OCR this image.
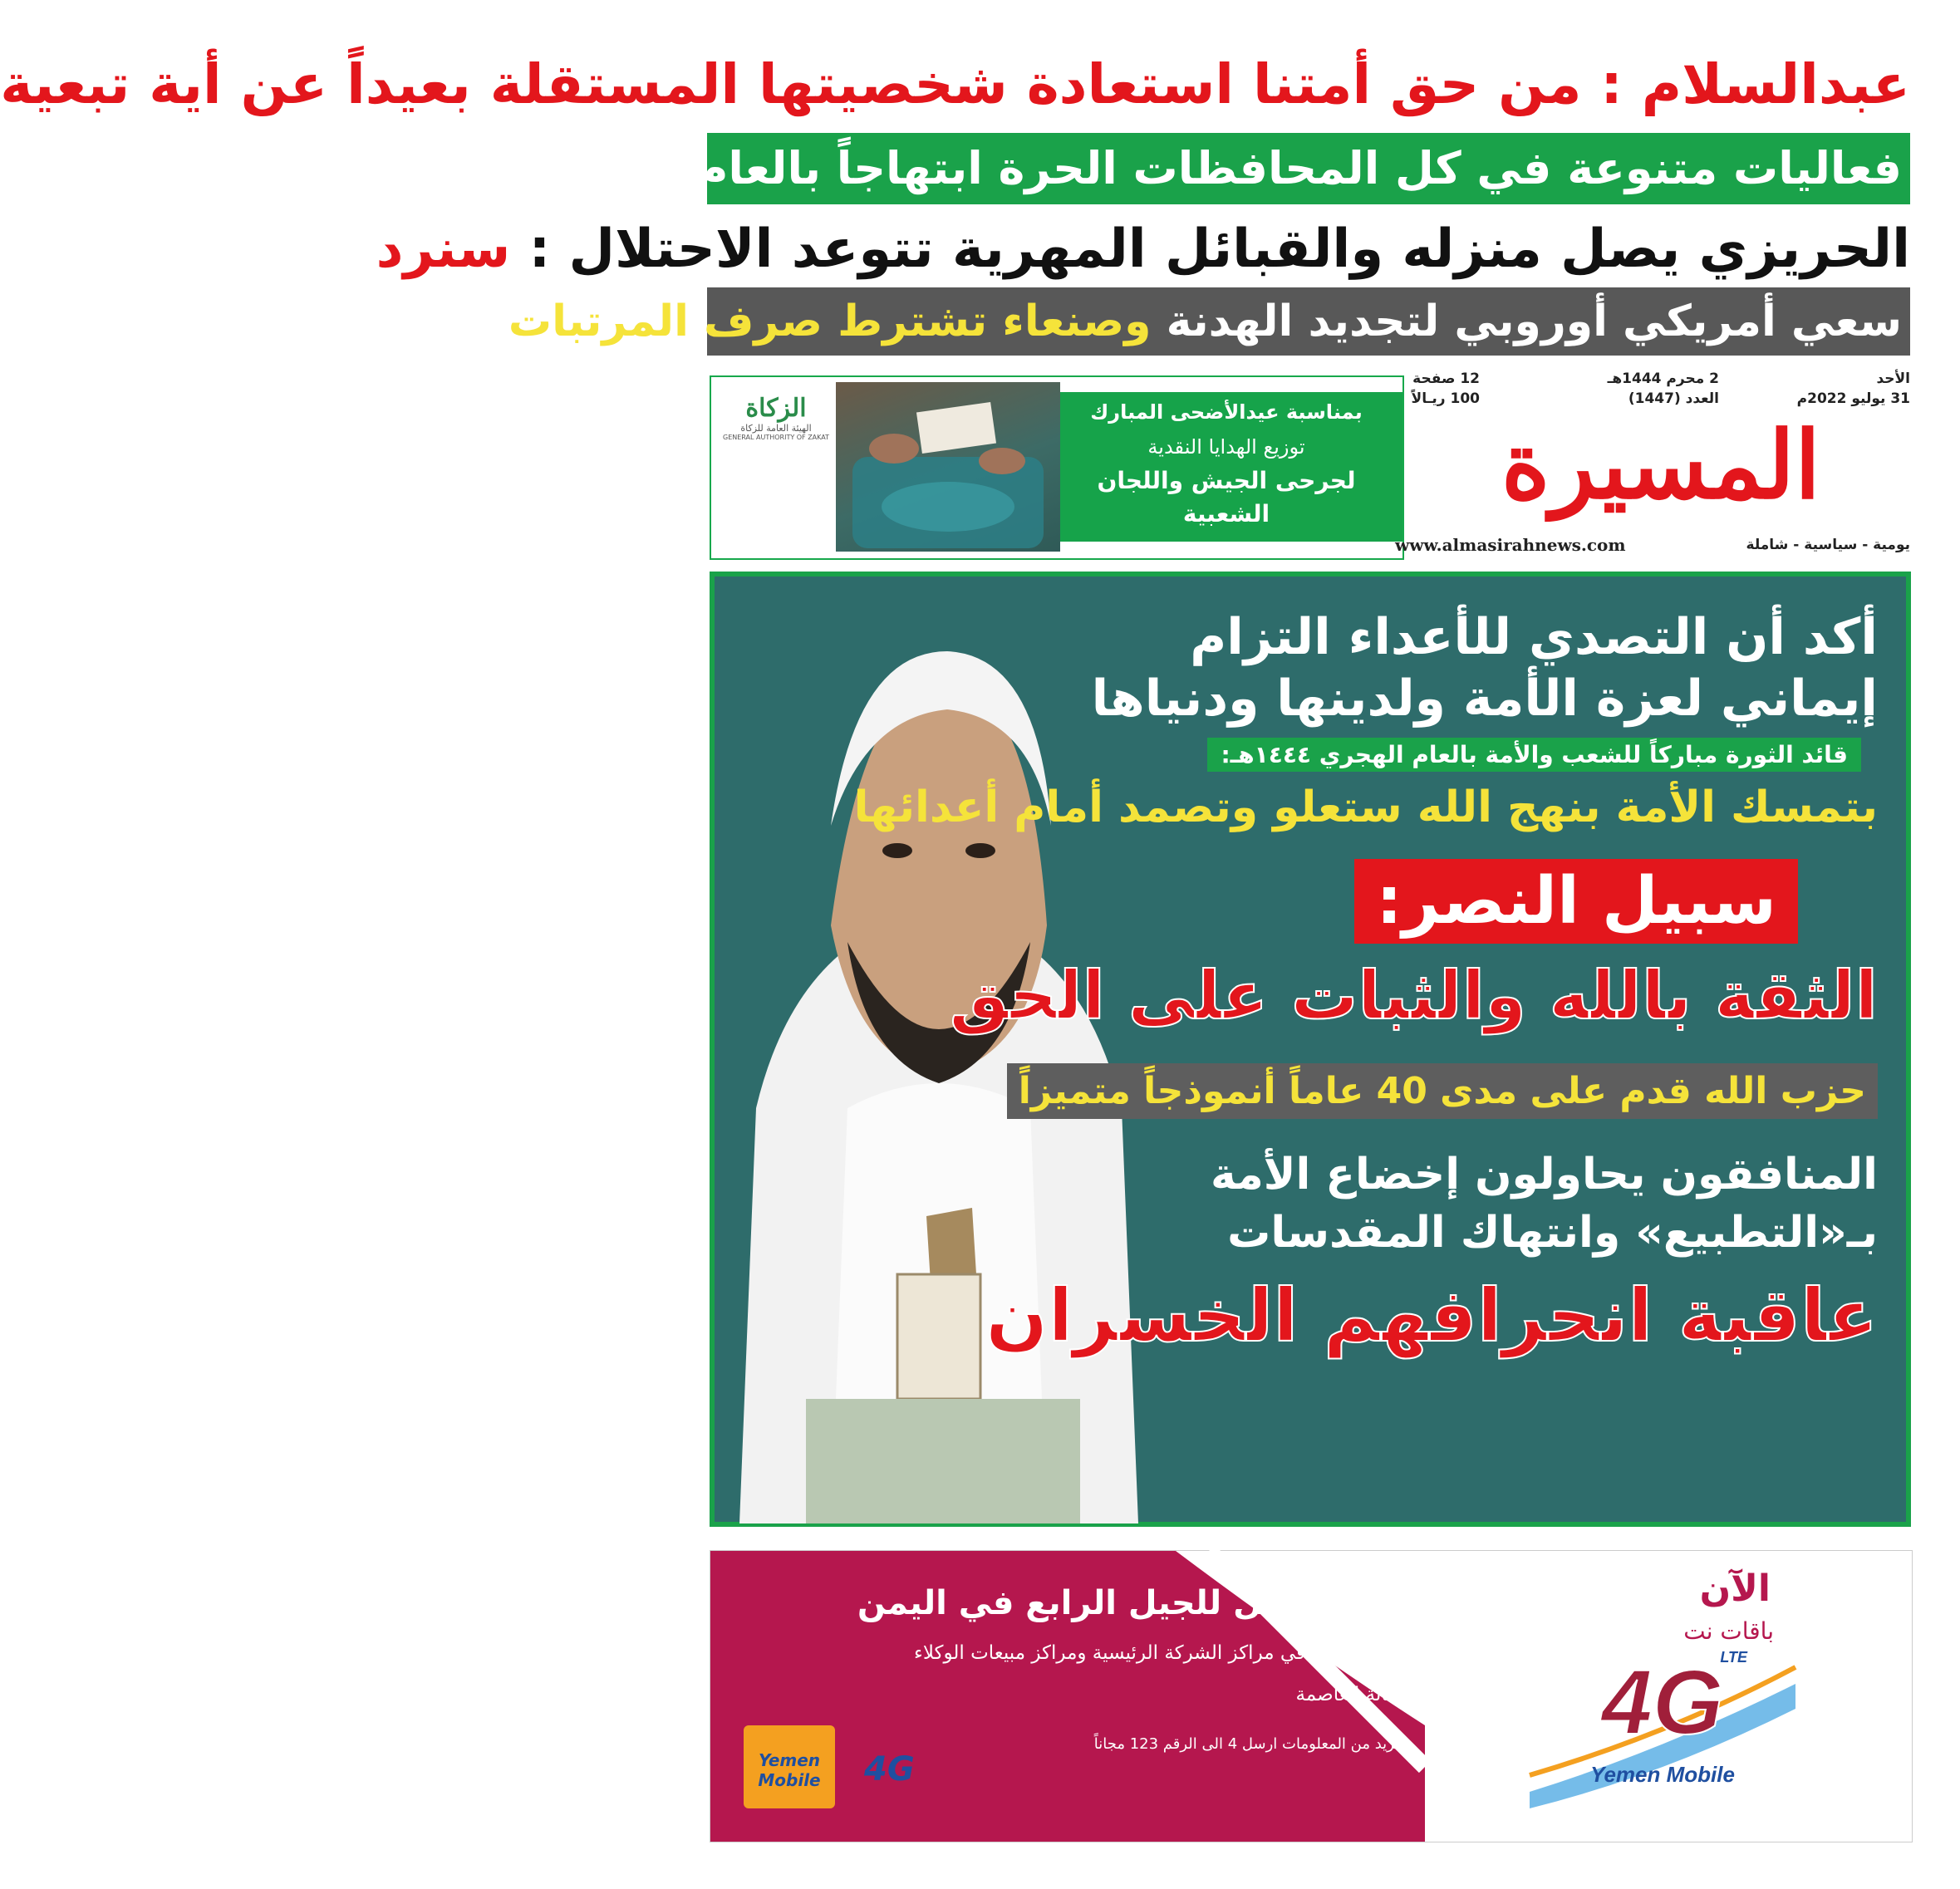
عبدالسلام : من حق أمتنا استعادة شخصيتها المستقلة بعيداً عن أية تبعية
فعاليات متنوعة في كل المحافظات الحرة ابتهاجاً بالعام الهجري ١٤٤٤
الحريزي يصل منزله والقبائل المهرية تتوعد الاحتلال : سنرد
سعي أمريكي أوروبي لتجديد الهدنة وصنعاء تشترط صرف المرتبات
الزكاة
الهيئة العامة للزكاة
GENERAL AUTHORITY OF ZAKAT
بمناسبة عيدالأضحى المبارك
توزيع الهدايا النقدية
لجرحى الجيش واللجان
الشعبية
الأحد
31 يوليو 2022م
2 محرم 1444هـ
العدد (1447)
12 صفحة
100 ريـالاً
المسيرة
يومية - سياسية - شاملة
www.almasirahnews.com
أكد أن التصدي للأعداء التزام
إيماني لعزة الأمة ولدينها ودنياها
قائد الثورة مباركاً للشعب والأمة بالعام الهجري ١٤٤٤هـ:
بتمسك الأمة بنهج الله ستعلو وتصمد أمام أعدائها
سبيل النصر:
الثقة بالله والثبات على الحق
حزب الله قدم على مدى 40 عاماً أنموذجاً متميزاً
المنافقون يحاولون إخضاع الأمة
بـ«التطبيع» وانتهاك المقدسات
عاقبة انحرافهم الخسران
أول مشغل للجيل الرابع في اليمن
تقدم الخدمة في مراكز الشركة الرئيسية ومراكز مبيعات الوكلاء
بأمانة العاصمة
لمزيد من المعلومات ارسل 4 الى الرقم 123 مجاناً
الآن
باقات نت
4G
LTE
Yemen Mobile
Yemen Mobile	4G
